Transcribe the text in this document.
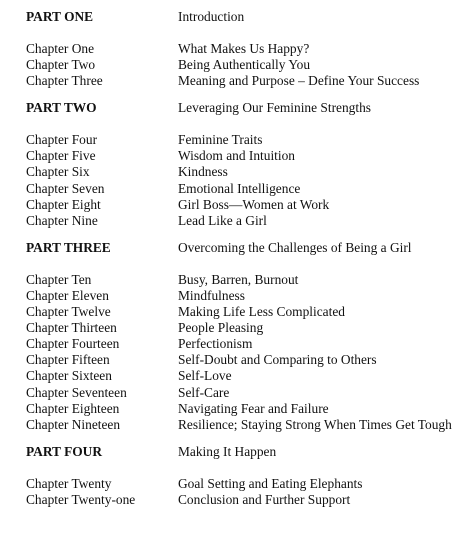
PART ONE	Introduction
Chapter One	What Makes Us Happy?
Chapter Two	Being Authentically You
Chapter Three	Meaning and Purpose – Define Your Success
PART TWO	Leveraging Our Feminine Strengths
Chapter Four	Feminine Traits
Chapter Five	Wisdom and Intuition
Chapter Six	Kindness
Chapter Seven	Emotional Intelligence
Chapter Eight	Girl Boss—Women at Work
Chapter Nine	Lead Like a Girl
PART THREE	Overcoming the Challenges of Being a Girl
Chapter Ten	Busy, Barren, Burnout
Chapter Eleven	Mindfulness
Chapter Twelve	Making Life Less Complicated
Chapter Thirteen	People Pleasing
Chapter Fourteen	Perfectionism
Chapter Fifteen	Self-Doubt and Comparing to Others
Chapter Sixteen	Self-Love
Chapter Seventeen	Self-Care
Chapter Eighteen	Navigating Fear and Failure
Chapter Nineteen	Resilience; Staying Strong When Times Get Tough
PART FOUR	Making It Happen
Chapter Twenty	Goal Setting and Eating Elephants
Chapter Twenty-one	Conclusion and Further Support
